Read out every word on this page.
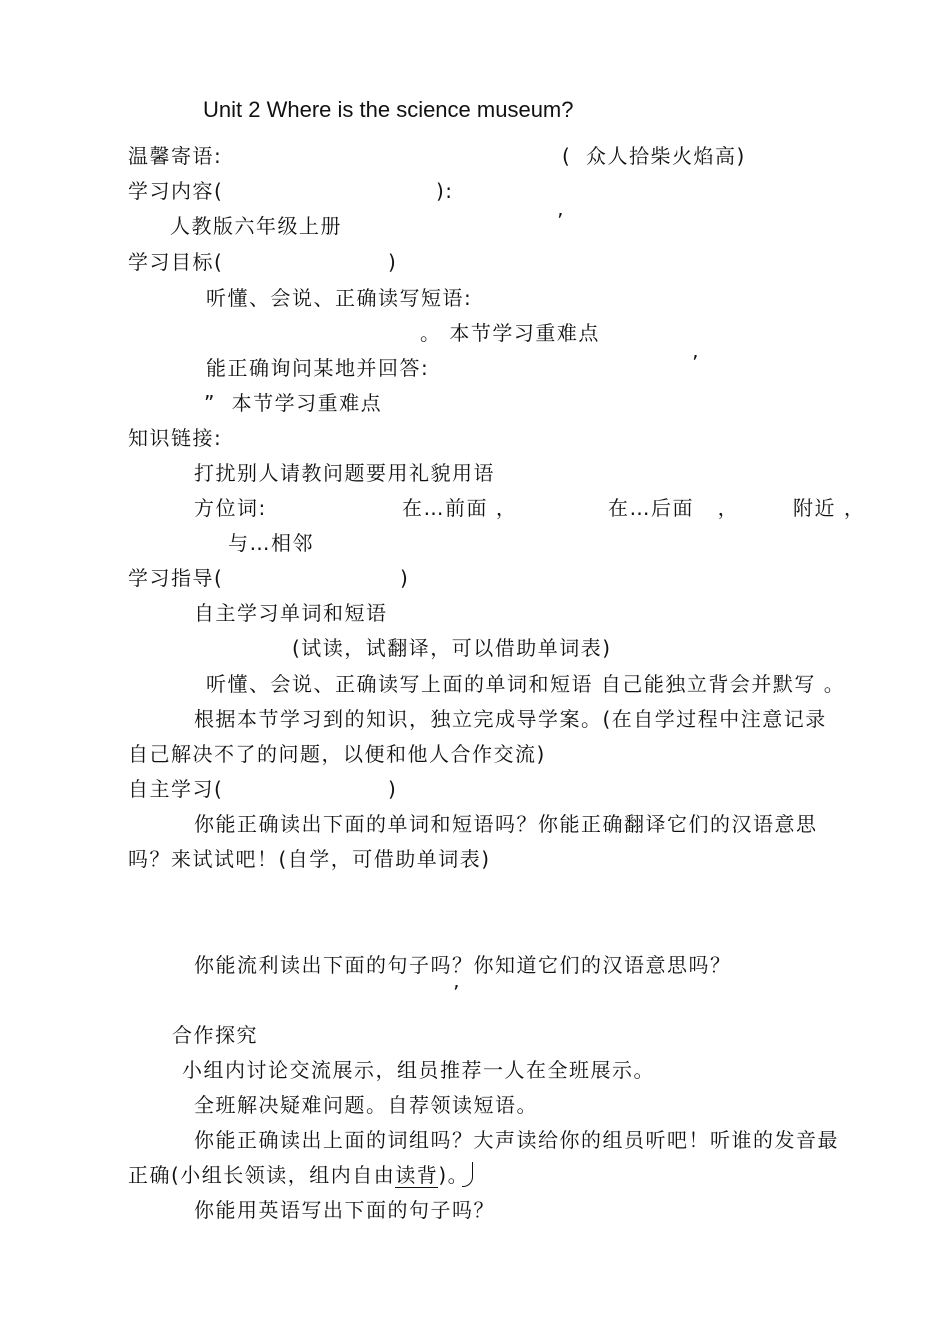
Unit 2 Where is the science museum?
温馨寄语:	( 众人拾柴火焰高)
学习内容(	):
人教版六年级上册	’
学习目标(	)
听懂、会说、正确读写短语:
。 本节学习重难点
能正确询问某地并回答:	’
”  本节学习重难点
知识链接:
打扰别人请教问题要用礼貌用语
方位词:	在…前面 ，	在…后面   ，	附近 ，
与…相邻
学习指导(	)
自主学习单词和短语
(试读，试翻译，可以借助单词表)
听懂、会说、正确读写上面的单词和短语 自己能独立背会并默写 。
根据本节学习到的知识，独立完成导学案。(在自学过程中注意记录
自己解决不了的问题，以便和他人合作交流)
自主学习(	)
你能正确读出下面的单词和短语吗？你能正确翻译它们的汉语意思
吗？来试试吧！(自学，可借助单词表)
你能流利读出下面的句子吗？你知道它们的汉语意思吗？
’
合作探究
小组内讨论交流展示，组员推荐一人在全班展示。
全班解决疑难问题。自荐领读短语。
你能正确读出上面的词组吗？大声读给你的组员听吧！听谁的发音最
正确(小组长领读，组内自由读背)。
你能用英语写出下面的句子吗？
